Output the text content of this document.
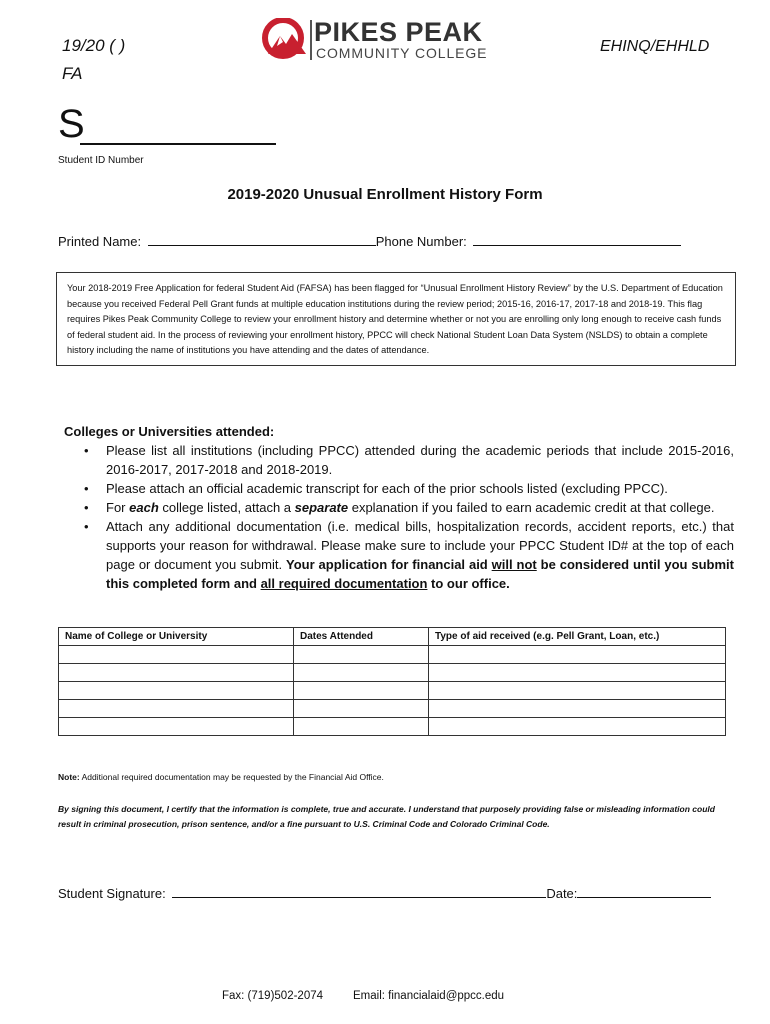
19/20 ( )
FA
PIKES PEAK
COMMUNITY COLLEGE	EHINQ/EHHLD
S
Student ID Number
2019-2020 Unusual Enrollment History Form
Printed Name:	Phone Number:
Your 2018-2019 Free Application for federal Student Aid (FAFSA) has been flagged for “Unusual Enrollment History Review” by the U.S. Department of Education because you received Federal Pell Grant funds at multiple education institutions during the review period; 2015-16, 2016-17, 2017-18 and 2018-19. This flag requires Pikes Peak Community College to review your enrollment history and determine whether or not you are enrolling only long enough to receive cash funds of federal student aid. In the process of reviewing your enrollment history, PPCC will check National Student Loan Data System (NSLDS) to obtain a complete history including the name of institutions you have attending and the dates of attendance.
Colleges or Universities attended:
• Please list all institutions (including PPCC) attended during the academic periods that include 2015-2016, 2016-2017, 2017-2018 and 2018-2019.
• Please attach an official academic transcript for each of the prior schools listed (excluding PPCC).
• For each college listed, attach a separate explanation if you failed to earn academic credit at that college.
• Attach any additional documentation (i.e. medical bills, hospitalization records, accident reports, etc.) that supports your reason for withdrawal. Please make sure to include your PPCC Student ID# at the top of each page or document you submit. Your application for financial aid will not be considered until you submit this completed form and all required documentation to our office.
Name of College or University	Dates Attended	Type of aid received (e.g. Pell Grant, Loan, etc.)

Note: Additional required documentation may be requested by the Financial Aid Office.
By signing this document, I certify that the information is complete, true and accurate. I understand that purposely providing false or misleading information could result in criminal prosecution, prison sentence, and/or a fine pursuant to U.S. Criminal Code and Colorado Criminal Code.
Student Signature:	Date:
Fax: (719)502-2074	Email: financialaid@ppcc.edu
